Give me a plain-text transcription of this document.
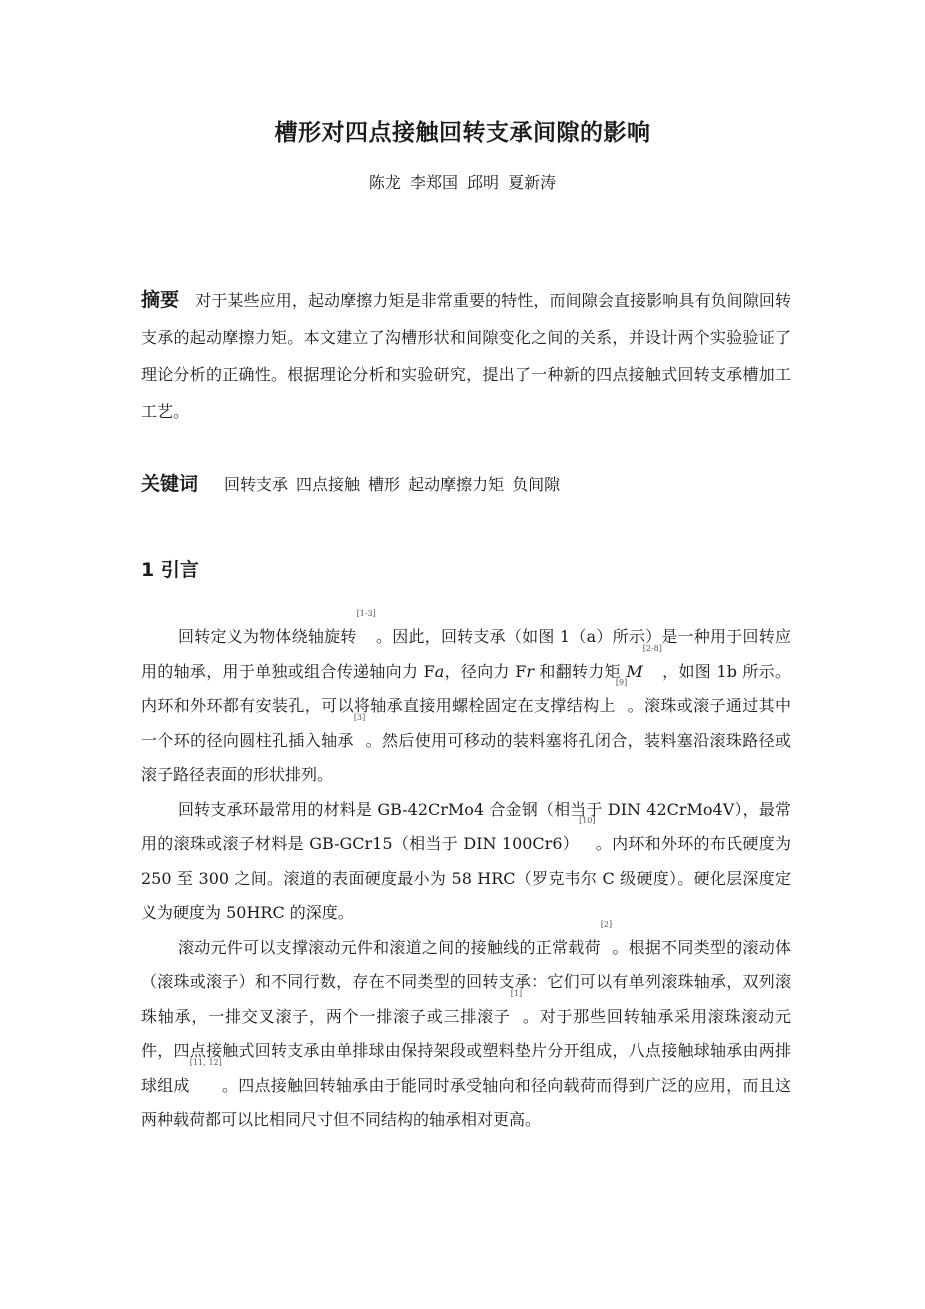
槽形对四点接触回转支承间隙的影响
陈龙 李郑国 邱明 夏新涛
摘要 对于某些应用，起动摩擦力矩是非常重要的特性，而间隙会直接影响具有负间隙回转支承的起动摩擦力矩。本文建立了沟槽形状和间隙变化之间的关系，并设计两个实验验证了理论分析的正确性。根据理论分析和实验研究，提出了一种新的四点接触式回转支承槽加工工艺。
关键词 回转支承 四点接触 槽形 起动摩擦力矩 负间隙
1 引言

回转定义为物体绕轴旋转[1-3]。因此，回转支承（如图 1（a）所示）是一种用于回转应用的轴承，用于单独或组合传递轴向力 Fa，径向力 Fr 和翻转力矩 M[2-8]，如图 1b 所示。内环和外环都有安装孔，可以将轴承直接用螺栓固定在支撑结构上[9]。滚珠或滚子通过其中一个环的径向圆柱孔插入轴承[3]。然后使用可移动的装料塞将孔闭合，装料塞沿滚珠路径或滚子路径表面的形状排列。

回转支承环最常用的材料是 GB-42CrMo4 合金钢（相当于 DIN 42CrMo4V），最常用的滚珠或滚子材料是 GB-GCr15（相当于 DIN 100Cr6）[10]。内环和外环的布氏硬度为 250 至 300 之间。滚道的表面硬度最小为 58 HRC（罗克韦尔 C 级硬度）。硬化层深度定义为硬度为 50HRC 的深度。

滚动元件可以支撑滚动元件和滚道之间的接触线的正常载荷[2]。根据不同类型的滚动体（滚珠或滚子）和不同行数，存在不同类型的回转支承：它们可以有单列滚珠轴承，双列滚珠轴承，一排交叉滚子，两个一排滚子或三排滚子[1]。对于那些回转轴承采用滚珠滚动元件，四点接触式回转支承由单排球由保持架段或塑料垫片分开组成，八点接触球轴承由两排球组成[11, 12]。四点接触回转轴承由于能同时承受轴向和径向载荷而得到广泛的应用，而且这两种载荷都可以比相同尺寸但不同结构的轴承相对更高。
